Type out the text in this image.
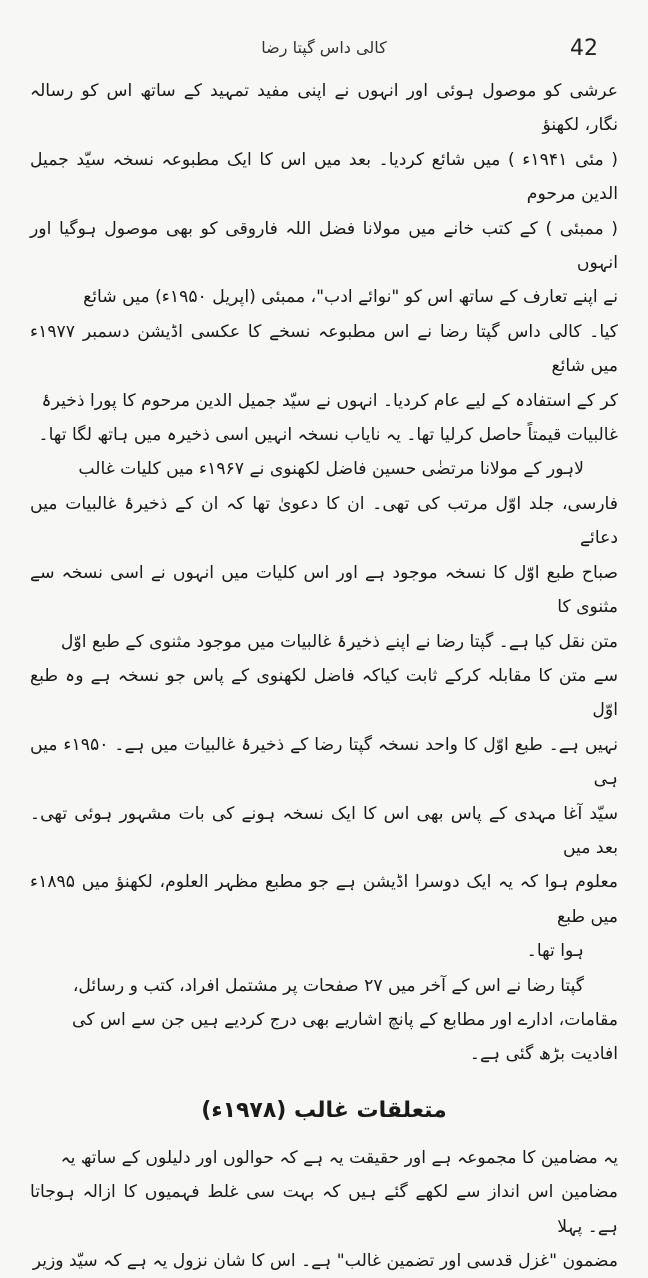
42
کالی داس گپتا رضا

عرشی کو موصول ہوئی اور انہوں نے اپنی مفید تمہید کے ساتھ اس کو رسالہ نگار، لکھنؤ

( مئی ۱۹۴۱ء ) میں شائع کردیا۔ بعد میں اس کا ایک مطبوعہ نسخہ سیّد جمیل الدین مرحوم

( ممبئی ) کے کتب خانے میں مولانا فضل اللہ فاروقی کو بھی موصول ہوگیا اور انہوں

نے اپنے تعارف کے ساتھ اس کو "نوائے ادب"، ممبئی (اپریل ۱۹۵۰ء) میں شائع

کیا۔ کالی داس گپتا رضا نے اس مطبوعہ نسخے کا عکسی اڈیشن دسمبر ۱۹۷۷ء میں شائع

کر کے استفادہ کے لیے عام کردیا۔ انہوں نے سیّد جمیل الدین مرحوم کا پورا ذخیرۂ

غالبیات قیمتاً حاصل کرلیا تھا۔ یہ نایاب نسخہ انہیں اسی ذخیرہ میں ہاتھ لگا تھا۔

لاہور کے مولانا مرتضٰی حسین فاضل لکھنوی نے ۱۹۶۷ء میں کلیات غالب

فارسی، جلد اوّل مرتب کی تھی۔ ان کا دعویٰ تھا کہ ان کے ذخیرۂ غالبیات میں دعائے

صباح طبع اوّل کا نسخہ موجود ہے اور اس کلیات میں انہوں نے اسی نسخہ سے مثنوی کا

متن نقل کیا ہے۔ گپتا رضا نے اپنے ذخیرۂ غالبیات میں موجود مثنوی کے طبع اوّل

سے متن کا مقابلہ کرکے ثابت کیاکہ فاضل لکھنوی کے پاس جو نسخہ ہے وہ طبع اوّل

نہیں ہے۔ طبع اوّل کا واحد نسخہ گپتا رضا کے ذخیرۂ غالبیات میں ہے۔ ۱۹۵۰ء میں ہی

سیّد آغا مہدی کے پاس بھی اس کا ایک نسخہ ہونے کی بات مشہور ہوئی تھی۔ بعد میں

معلوم ہوا کہ یہ ایک دوسرا اڈیشن ہے جو مطبع مظہر العلوم، لکھنؤ میں ۱۸۹۵ء میں طبع

ہوا تھا۔

گپتا رضا نے اس کے آخر میں ۲۷ صفحات پر مشتمل افراد، کتب و رسائل،

مقامات، ادارے اور مطابع کے پانچ اشاریے بھی درج کردیے ہیں جن سے اس کی

افادیت بڑھ گئی ہے۔

متعلقات غالب (۱۹۷۸ء)

یہ مضامین کا مجموعہ ہے اور حقیقت یہ ہے کہ حوالوں اور دلیلوں کے ساتھ یہ

مضامین اس انداز سے لکھے گئے ہیں کہ بہت سی غلط فہمیوں کا ازالہ ہوجاتا ہے۔ پہلا

مضمون "غزل قدسی اور تضمین غالب" ہے۔ اس کا شان نزول یہ ہے کہ سیّد وزیر
